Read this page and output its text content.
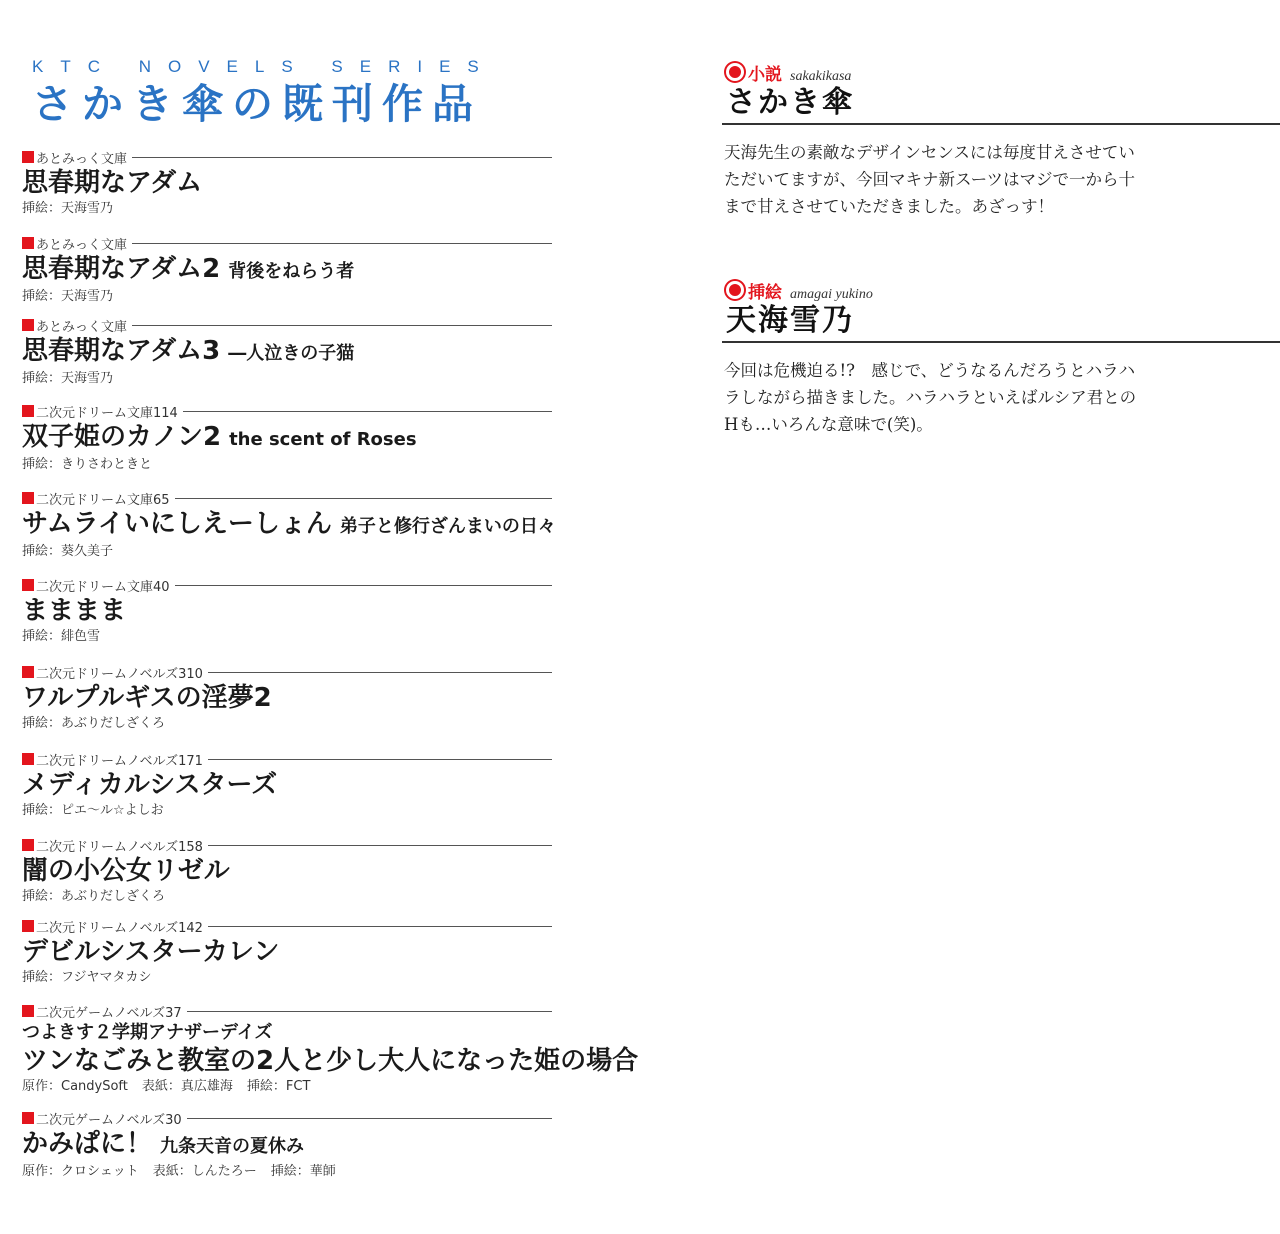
KTC NOVELS SERIES
さかき傘の既刊作品
あとみっく文庫
思春期なアダム
挿絵：天海雪乃
あとみっく文庫
思春期なアダム2 背後をねらう者
挿絵：天海雪乃
あとみっく文庫
思春期なアダム3 ―人泣きの子猫
挿絵：天海雪乃
二次元ドリーム文庫114
双子姫のカノン2 the scent of Roses
挿絵：きりさわときと
二次元ドリーム文庫65
サムライいにしえーしょん 弟子と修行ざんまいの日々
挿絵：葵久美子
二次元ドリーム文庫40
まままま
挿絵：緋色雪
二次元ドリームノベルズ310
ワルプルギスの淫夢2
挿絵：あぶりだしざくろ
二次元ドリームノベルズ171
メディカルシスターズ
挿絵：ピエ～ル☆よしお
二次元ドリームノベルズ158
闇の小公女リゼル
挿絵：あぶりだしざくろ
二次元ドリームノベルズ142
デビルシスターカレン
挿絵：フジヤマタカシ
二次元ゲームノベルズ37
つよきす２学期アナザーデイズ
ツンなごみと教室の2人と少し大人になった姫の場合
原作：CandySoft 表紙：真広雄海 挿絵：FCT
二次元ゲームノベルズ30
かみぱに！ 九条天音の夏休み
原作：クロシェット 表紙：しんたろー 挿絵：華師
小説 sakakikasa
さかき傘
天海先生の素敵なデザインセンスには毎度甘えさせていただいてますが、今回マキナ新スーツはマジで一から十まで甘えさせていただきました。あざっす！
挿絵 amagai yukino
天海雪乃
今回は危機迫る!?　感じで、どうなるんだろうとハラハラしながら描きました。ハラハラといえばルシア君とのHも…いろんな意味で(笑)。
